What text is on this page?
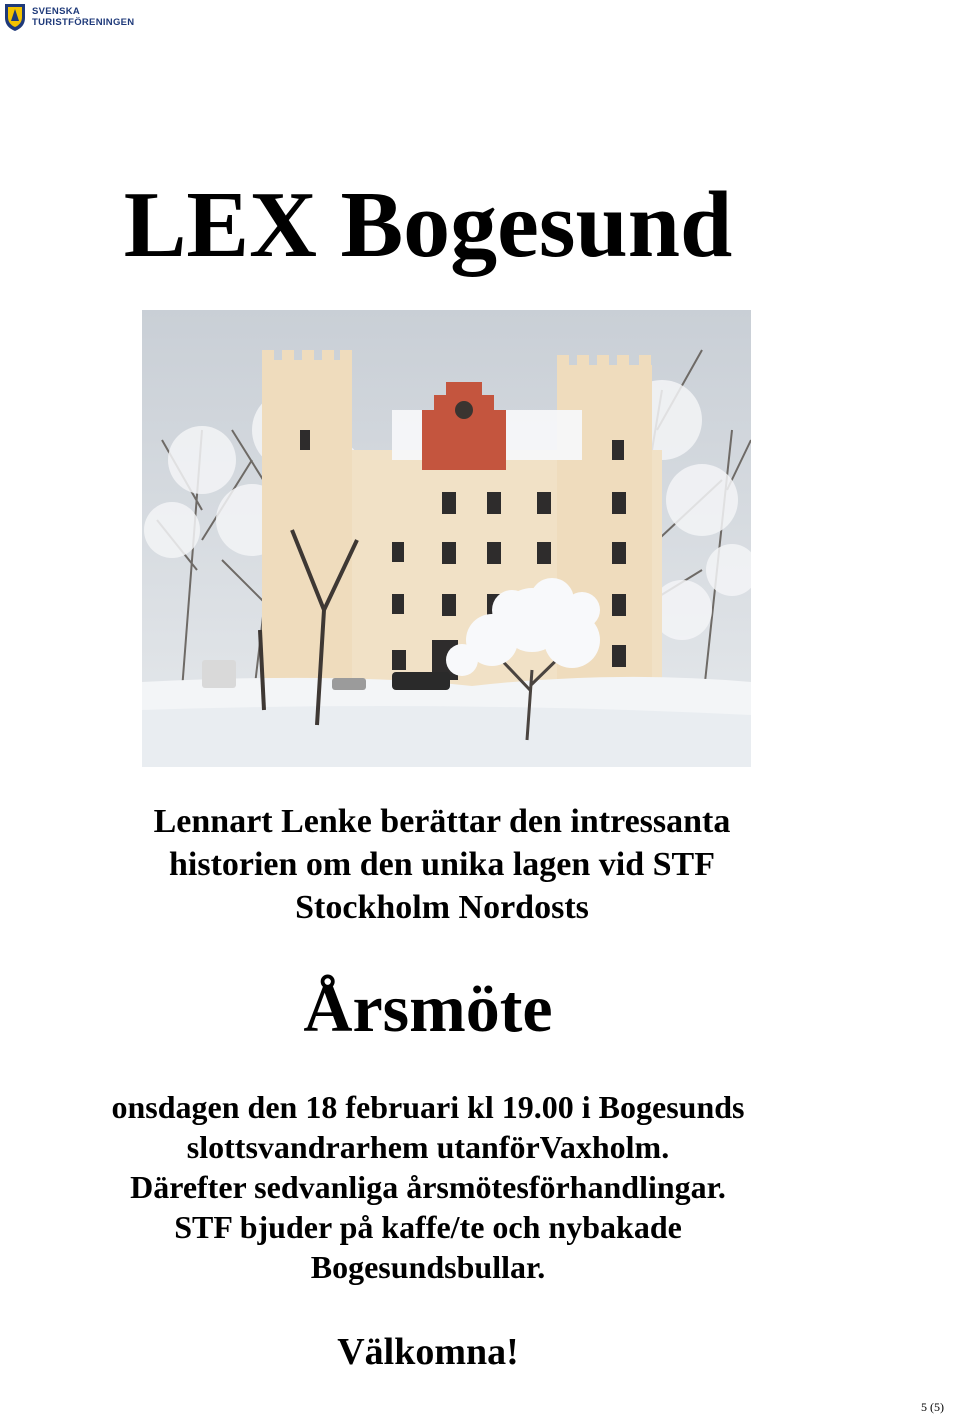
SVENSKA
TURISTFÖRENINGEN
LEX Bogesund
Lennart Lenke berättar den intressanta
historien om den unika lagen vid STF
Stockholm Nordosts
Årsmöte
onsdagen den 18 februari kl 19.00 i Bogesunds
slottsvandrarhem utanförVaxholm.
Därefter sedvanliga årsmötesförhandlingar.
STF bjuder på kaffe/te och nybakade
Bogesundsbullar.
Välkomna!
5 (5)
